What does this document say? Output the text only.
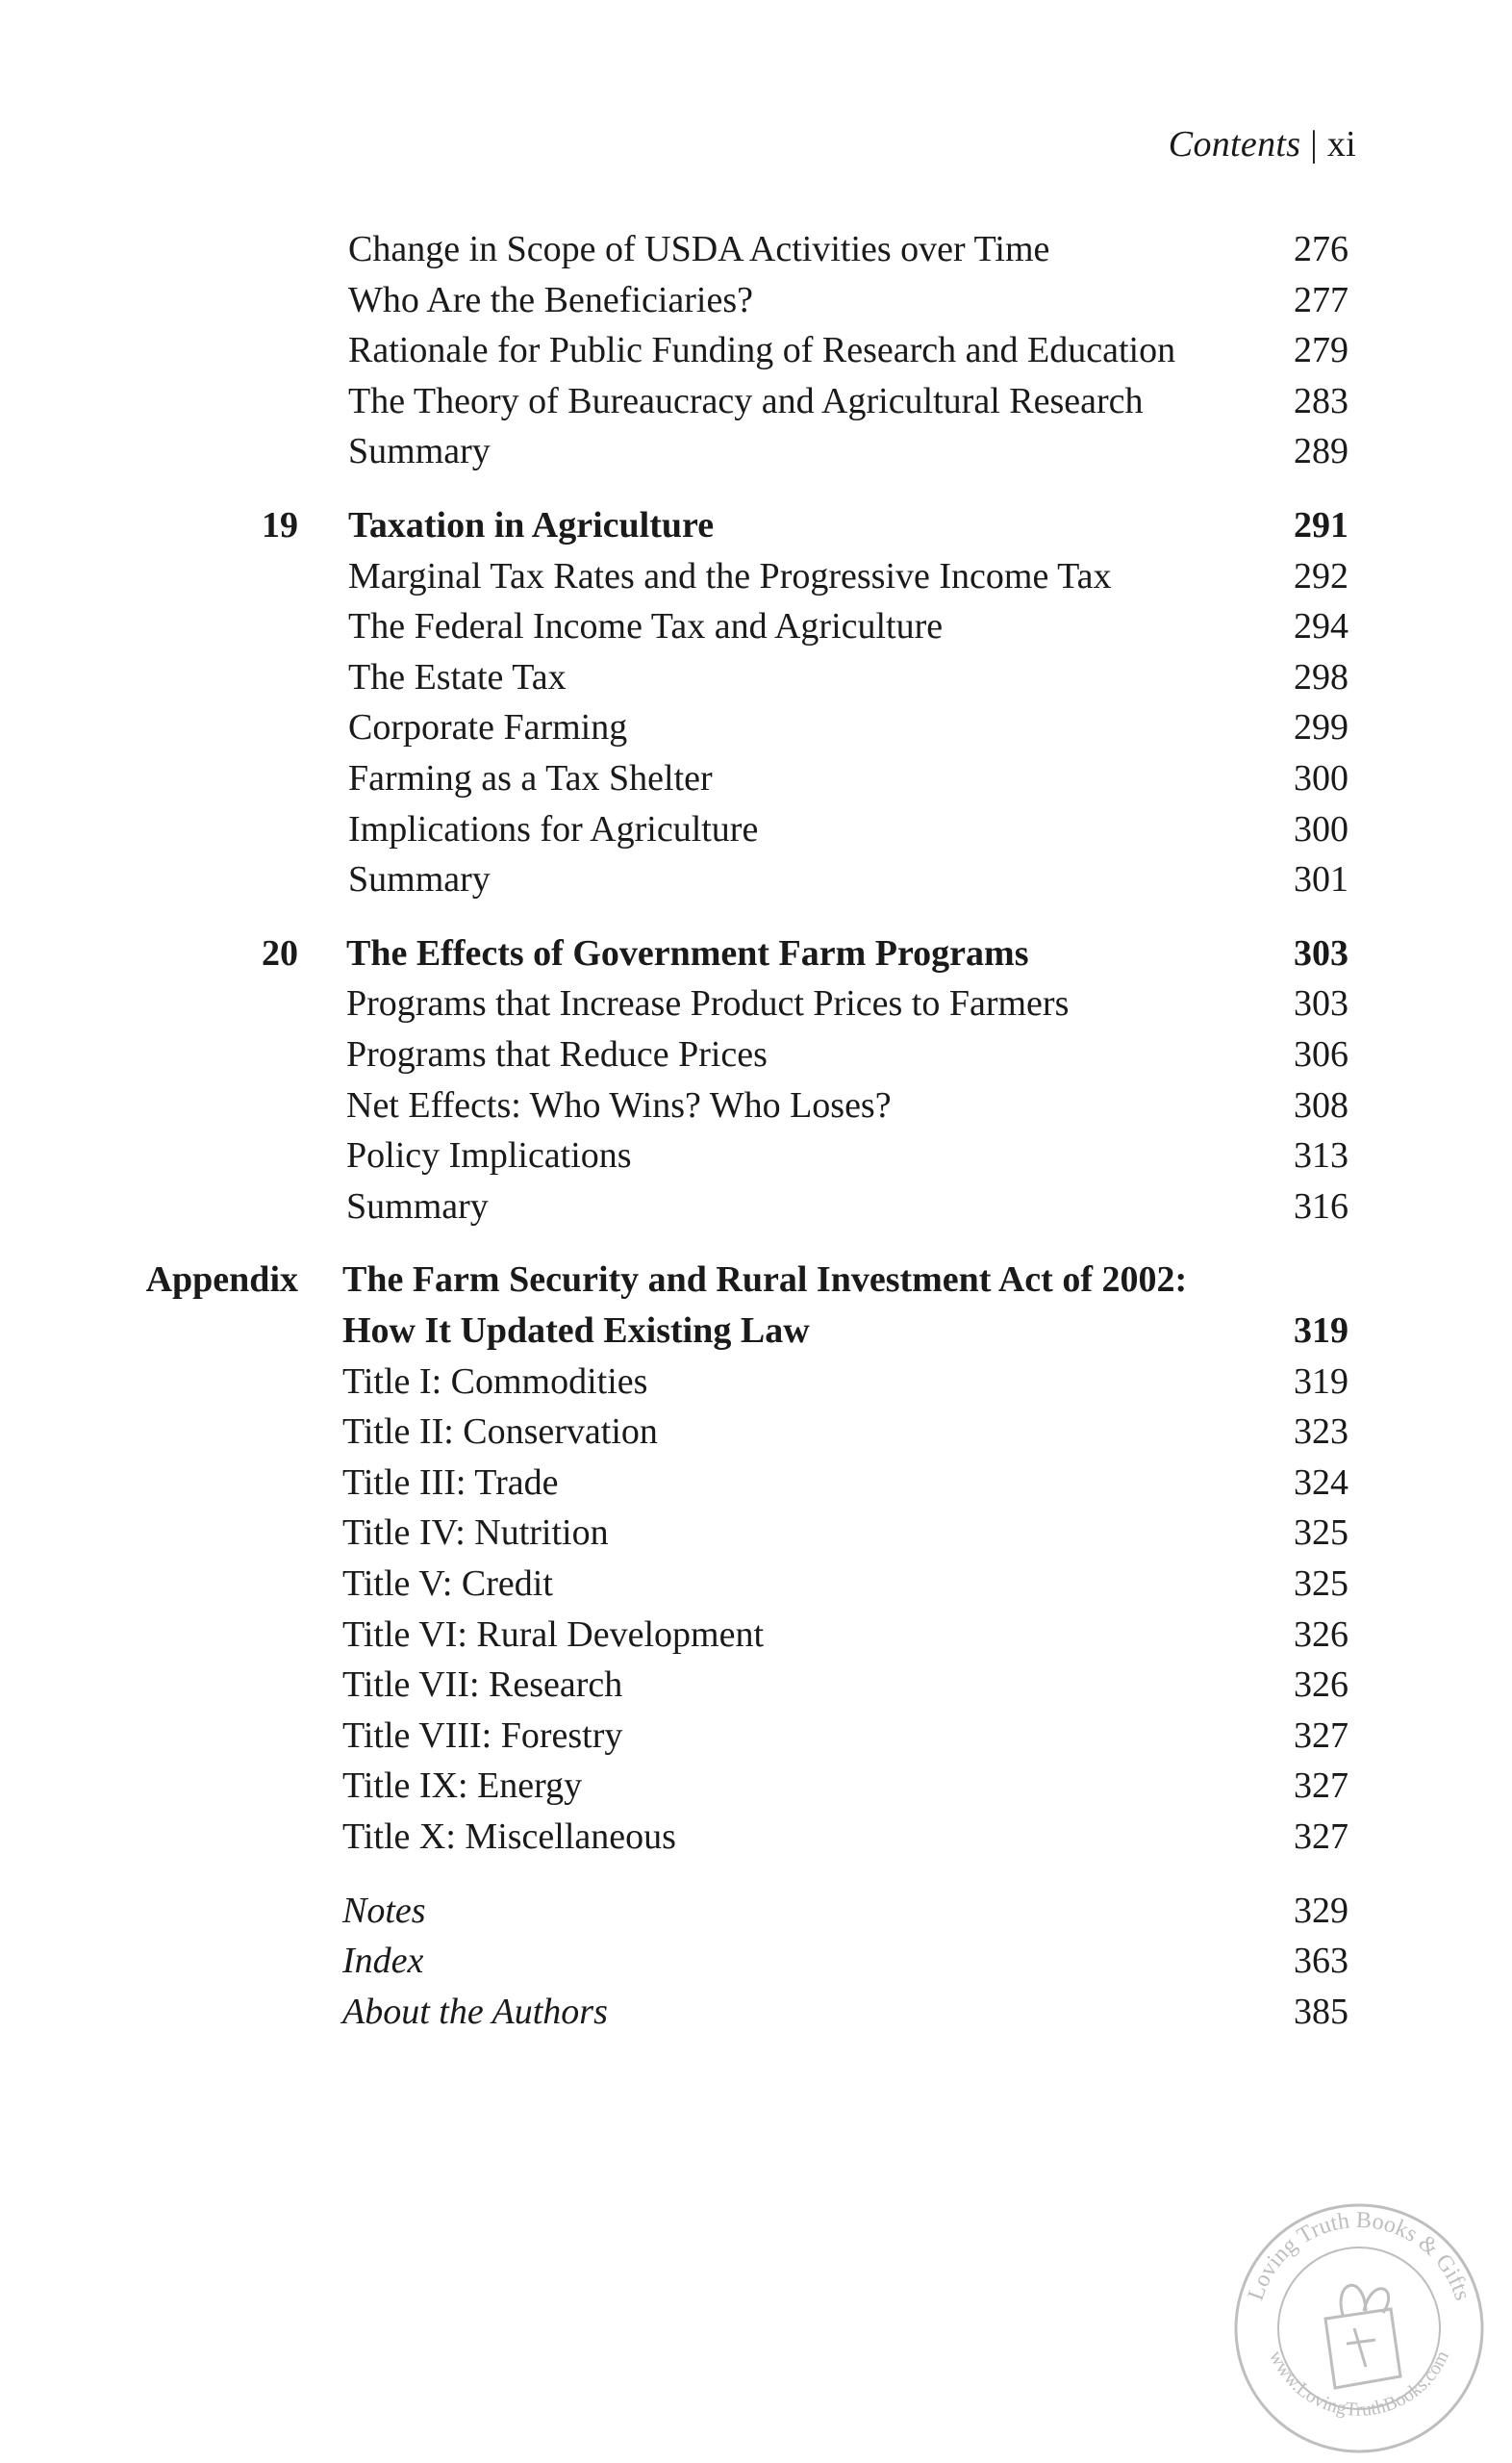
Contents | xi
Change in Scope of USDA Activities over Time	276
Who Are the Beneficiaries?	277
Rationale for Public Funding of Research and Education	279
The Theory of Bureaucracy and Agricultural Research	283
Summary	289
19 Taxation in Agriculture	291
Marginal Tax Rates and the Progressive Income Tax	292
The Federal Income Tax and Agriculture	294
The Estate Tax	298
Corporate Farming	299
Farming as a Tax Shelter	300
Implications for Agriculture	300
Summary	301
20 The Effects of Government Farm Programs	303
Programs that Increase Product Prices to Farmers	303
Programs that Reduce Prices	306
Net Effects: Who Wins? Who Loses?	308
Policy Implications	313
Summary	316
Appendix The Farm Security and Rural Investment Act of 2002:
How It Updated Existing Law	319
Title I: Commodities	319
Title II: Conservation	323
Title III: Trade	324
Title IV: Nutrition	325
Title V: Credit	325
Title VI: Rural Development	326
Title VII: Research	326
Title VIII: Forestry	327
Title IX: Energy	327
Title X: Miscellaneous	327
Notes	329
Index	363
About the Authors	385
Loving Truth Books & Gifts
www.LovingTruthBooks.com
